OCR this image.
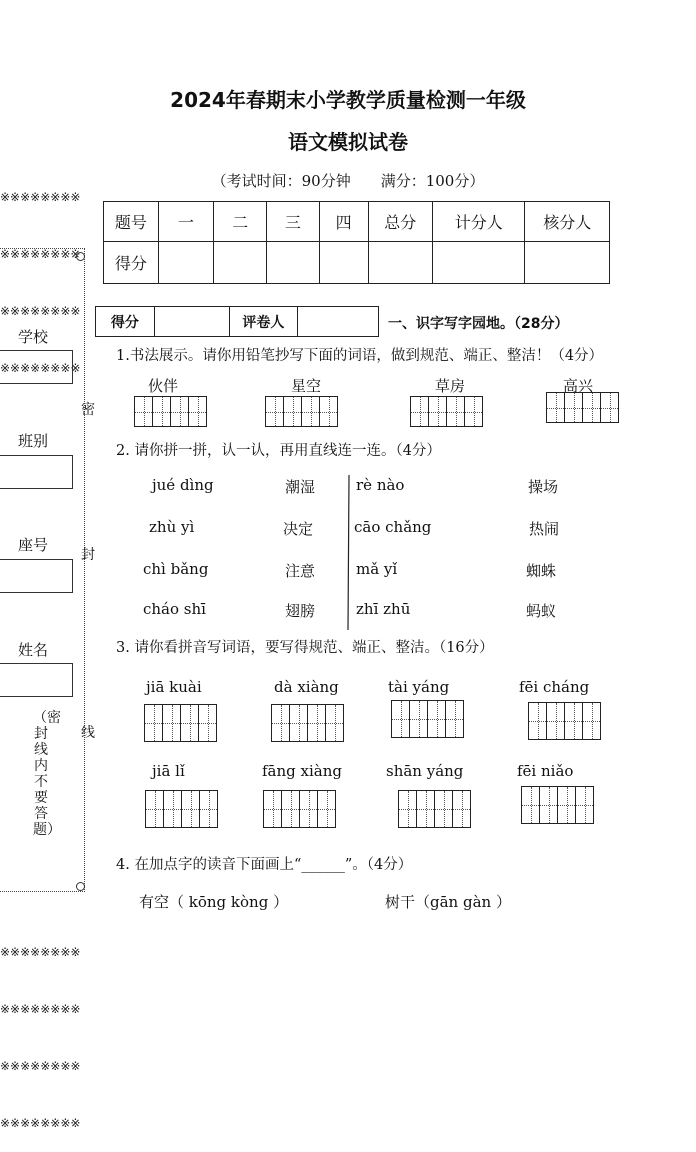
2024年春期末小学教学质量检测一年级
语文模拟试卷
（考试时间：90分钟　　满分：100分）

※※※※※※※※

※※※※※※※※

※※※※※※※※

※※※※※※※※

※※※※※※※※

※※※※※※※※

※※※※※※※※

※※※※※※※※

题号	一	二	三	四	总分	计分人	核分人
得分							
学校
班别
座号
姓名
（密封线内不要答题）
密
封
线
得分		评卷人		一、识字写字园地。（28分）
1.书法展示。请你用铅笔抄写下面的词语，做到规范、端正、整洁！（4分）
伙伴	星空	草房	高兴
2. 请你拼一拼，认一认，再用直线连一连。（4分）
jué dìng
zhù yì
chì bǎng
cháo shī
潮湿
决定
注意
翅膀
rè nào
cāo chǎng
mǎ yǐ
zhī zhū
操场
热闹
蜘蛛
蚂蚁
3. 请你看拼音写词语，要写得规范、端正、整洁。（16分）
jiā kuài	dà xiàng	tài yáng	fēi cháng
jiā lǐ	fāng xiàng	shān yáng	fēi niǎo
4. 在加点字的读音下面画上“______”。（4分）
有空（ kōng kòng ）	树干（gān gàn ）
